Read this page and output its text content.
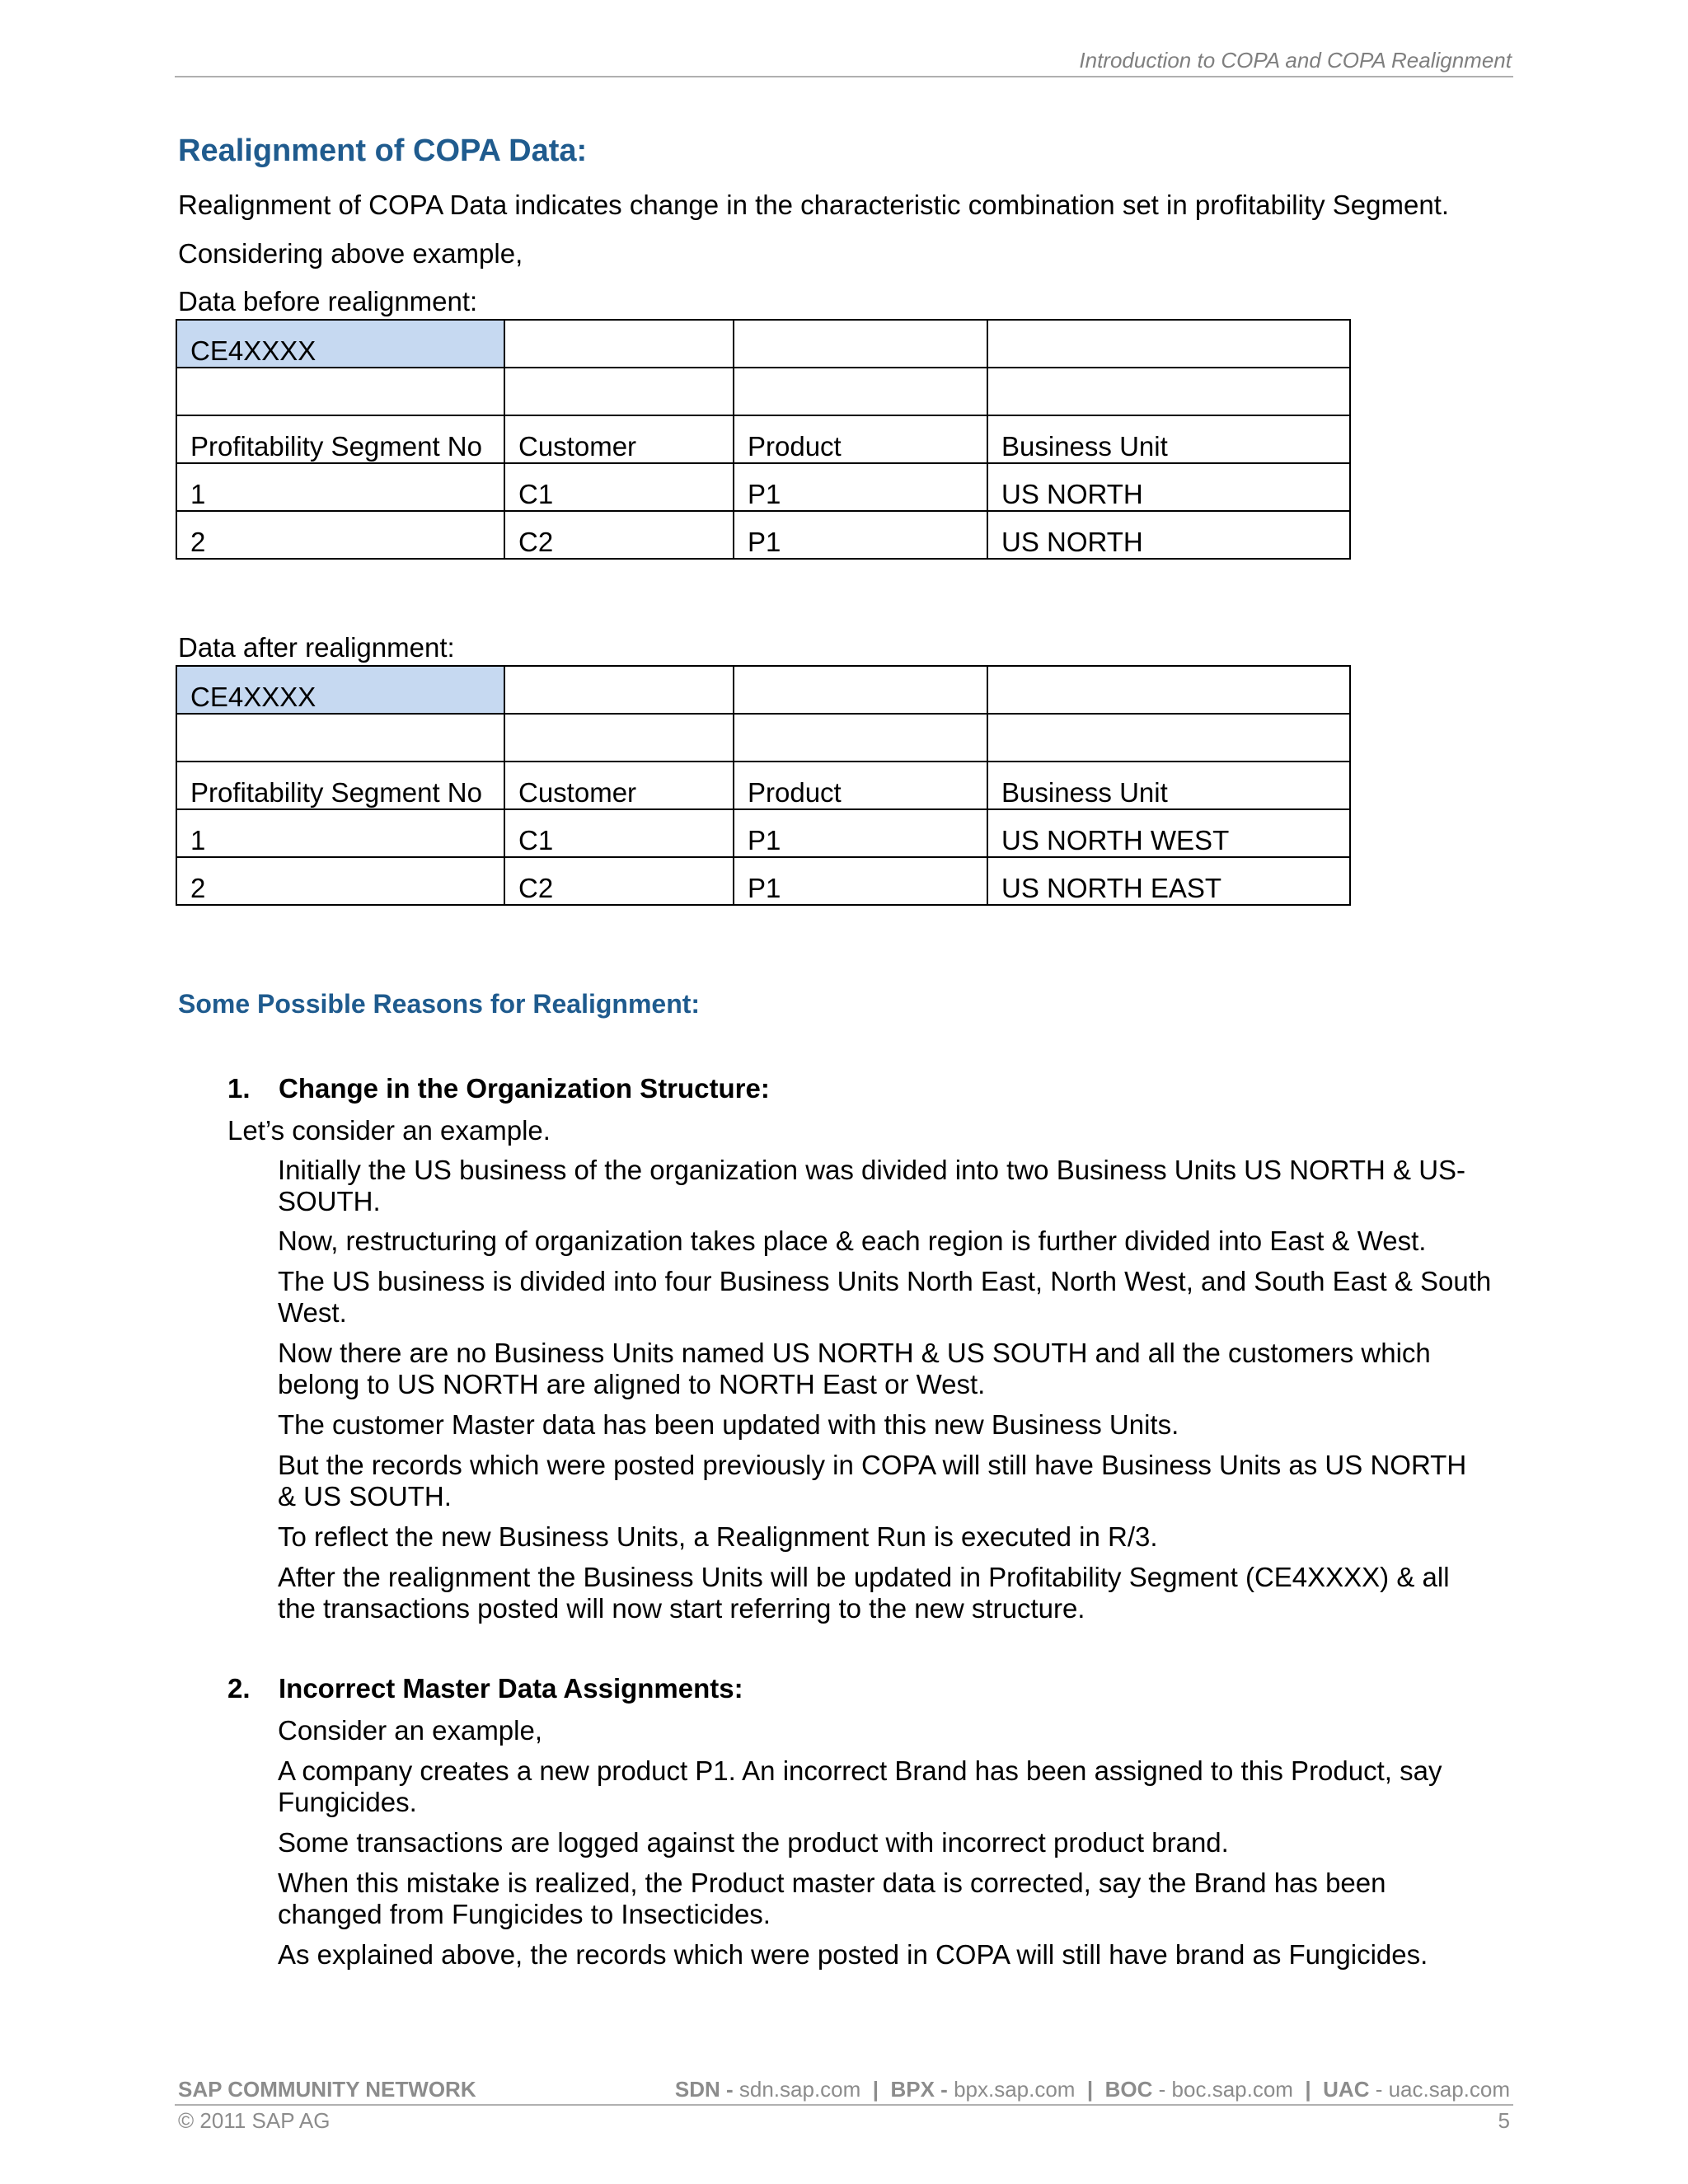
Introduction to COPA and COPA Realignment
Realignment of COPA Data:
Realignment of COPA Data indicates change in the characteristic combination set in profitability Segment.
Considering above example,
Data before realignment:
CE4XXXX			

Profitability Segment No	Customer	Product	Business Unit
1	C1	P1	US NORTH
2	C2	P1	US NORTH
Data after realignment:
CE4XXXX			

Profitability Segment No	Customer	Product	Business Unit
1	C1	P1	US NORTH WEST
2	C2	P1	US NORTH EAST
Some Possible Reasons for Realignment:
1. Change in the Organization Structure:
Let’s consider an example.
Initially the US business of the organization was divided into two Business Units US NORTH & US-
SOUTH.
Now, restructuring of organization takes place & each region is further divided into East & West.
The US business is divided into four Business Units North East, North West, and South East & South
West.
Now there are no Business Units named US NORTH & US SOUTH and all the customers which
belong to US NORTH are aligned to NORTH East or West.
The customer Master data has been updated with this new Business Units.
But the records which were posted previously in COPA will still have Business Units as US NORTH
& US SOUTH.
To reflect the new Business Units, a Realignment Run is executed in R/3.
After the realignment the Business Units will be updated in Profitability Segment (CE4XXXX) & all
the transactions posted will now start referring to the new structure.
2. Incorrect Master Data Assignments:
Consider an example,
A company creates a new product P1. An incorrect Brand has been assigned to this Product, say
Fungicides.
Some transactions are logged against the product with incorrect product brand.
When this mistake is realized, the Product master data is corrected, say the Brand has been
changed from Fungicides to Insecticides.
As explained above, the records which were posted in COPA will still have brand as Fungicides.
SAP COMMUNITY NETWORK	SDN - sdn.sap.com | BPX - bpx.sap.com | BOC - boc.sap.com | UAC - uac.sap.com
© 2011 SAP AG	5
